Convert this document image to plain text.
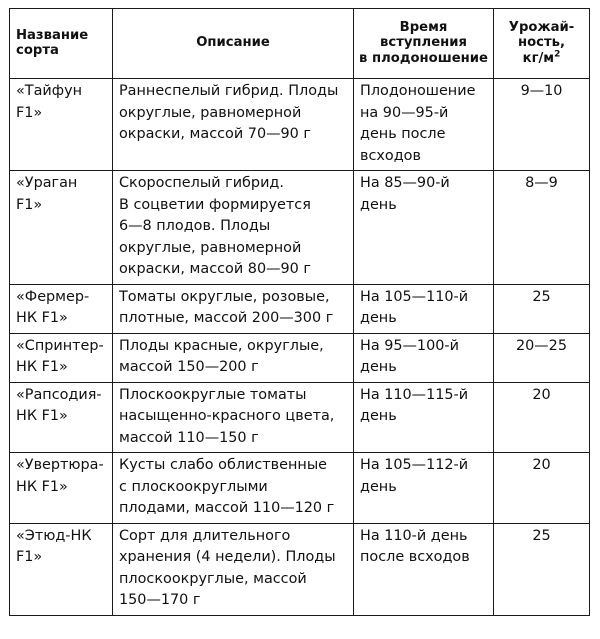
Название
сорта	Описание	Время
вступления
в плодоношение	Урожай-
ность,
$кг/м^2$
«Тайфун
F1»	Раннеспелый гибрид. Плоды
округлые, равномерной
окраски, массой 70—90 г	Плодоношение
на 90—95-й
день после
всходов	9—10
«Ураган F1»	Скороспелый гибрид.
В соцветии формируется
6—8 плодов. Плоды
округлые, равномерной
окраски, массой 80—90 г	На 85—90-й
день	8—9
«Фермер-
НК F1»	Томаты округлые, розовые,
плотные, массой 200—300 г	На 105—110-й
день	25
«Спринтер-
НК F1»	Плоды красные, округлые,
массой 150—200 г	На 95—100-й
день	20—25
«Рапсодия-
НК F1»	Плоскоокруглые томаты
насыщенно-красного цвета,
массой 110—150 г	На 110—115-й
день	20
«Увертюра-
НК F1»	Кусты слабо облиственные
с плоскоокруглыми
плодами, массой 110—120 г	На 105—112-й
день	20
«Этюд-НК
F1»	Сорт для длительного
хранения (4 недели). Плоды
плоскоокруглые, массой
150—170 г	На 110-й день
после всходов	25
